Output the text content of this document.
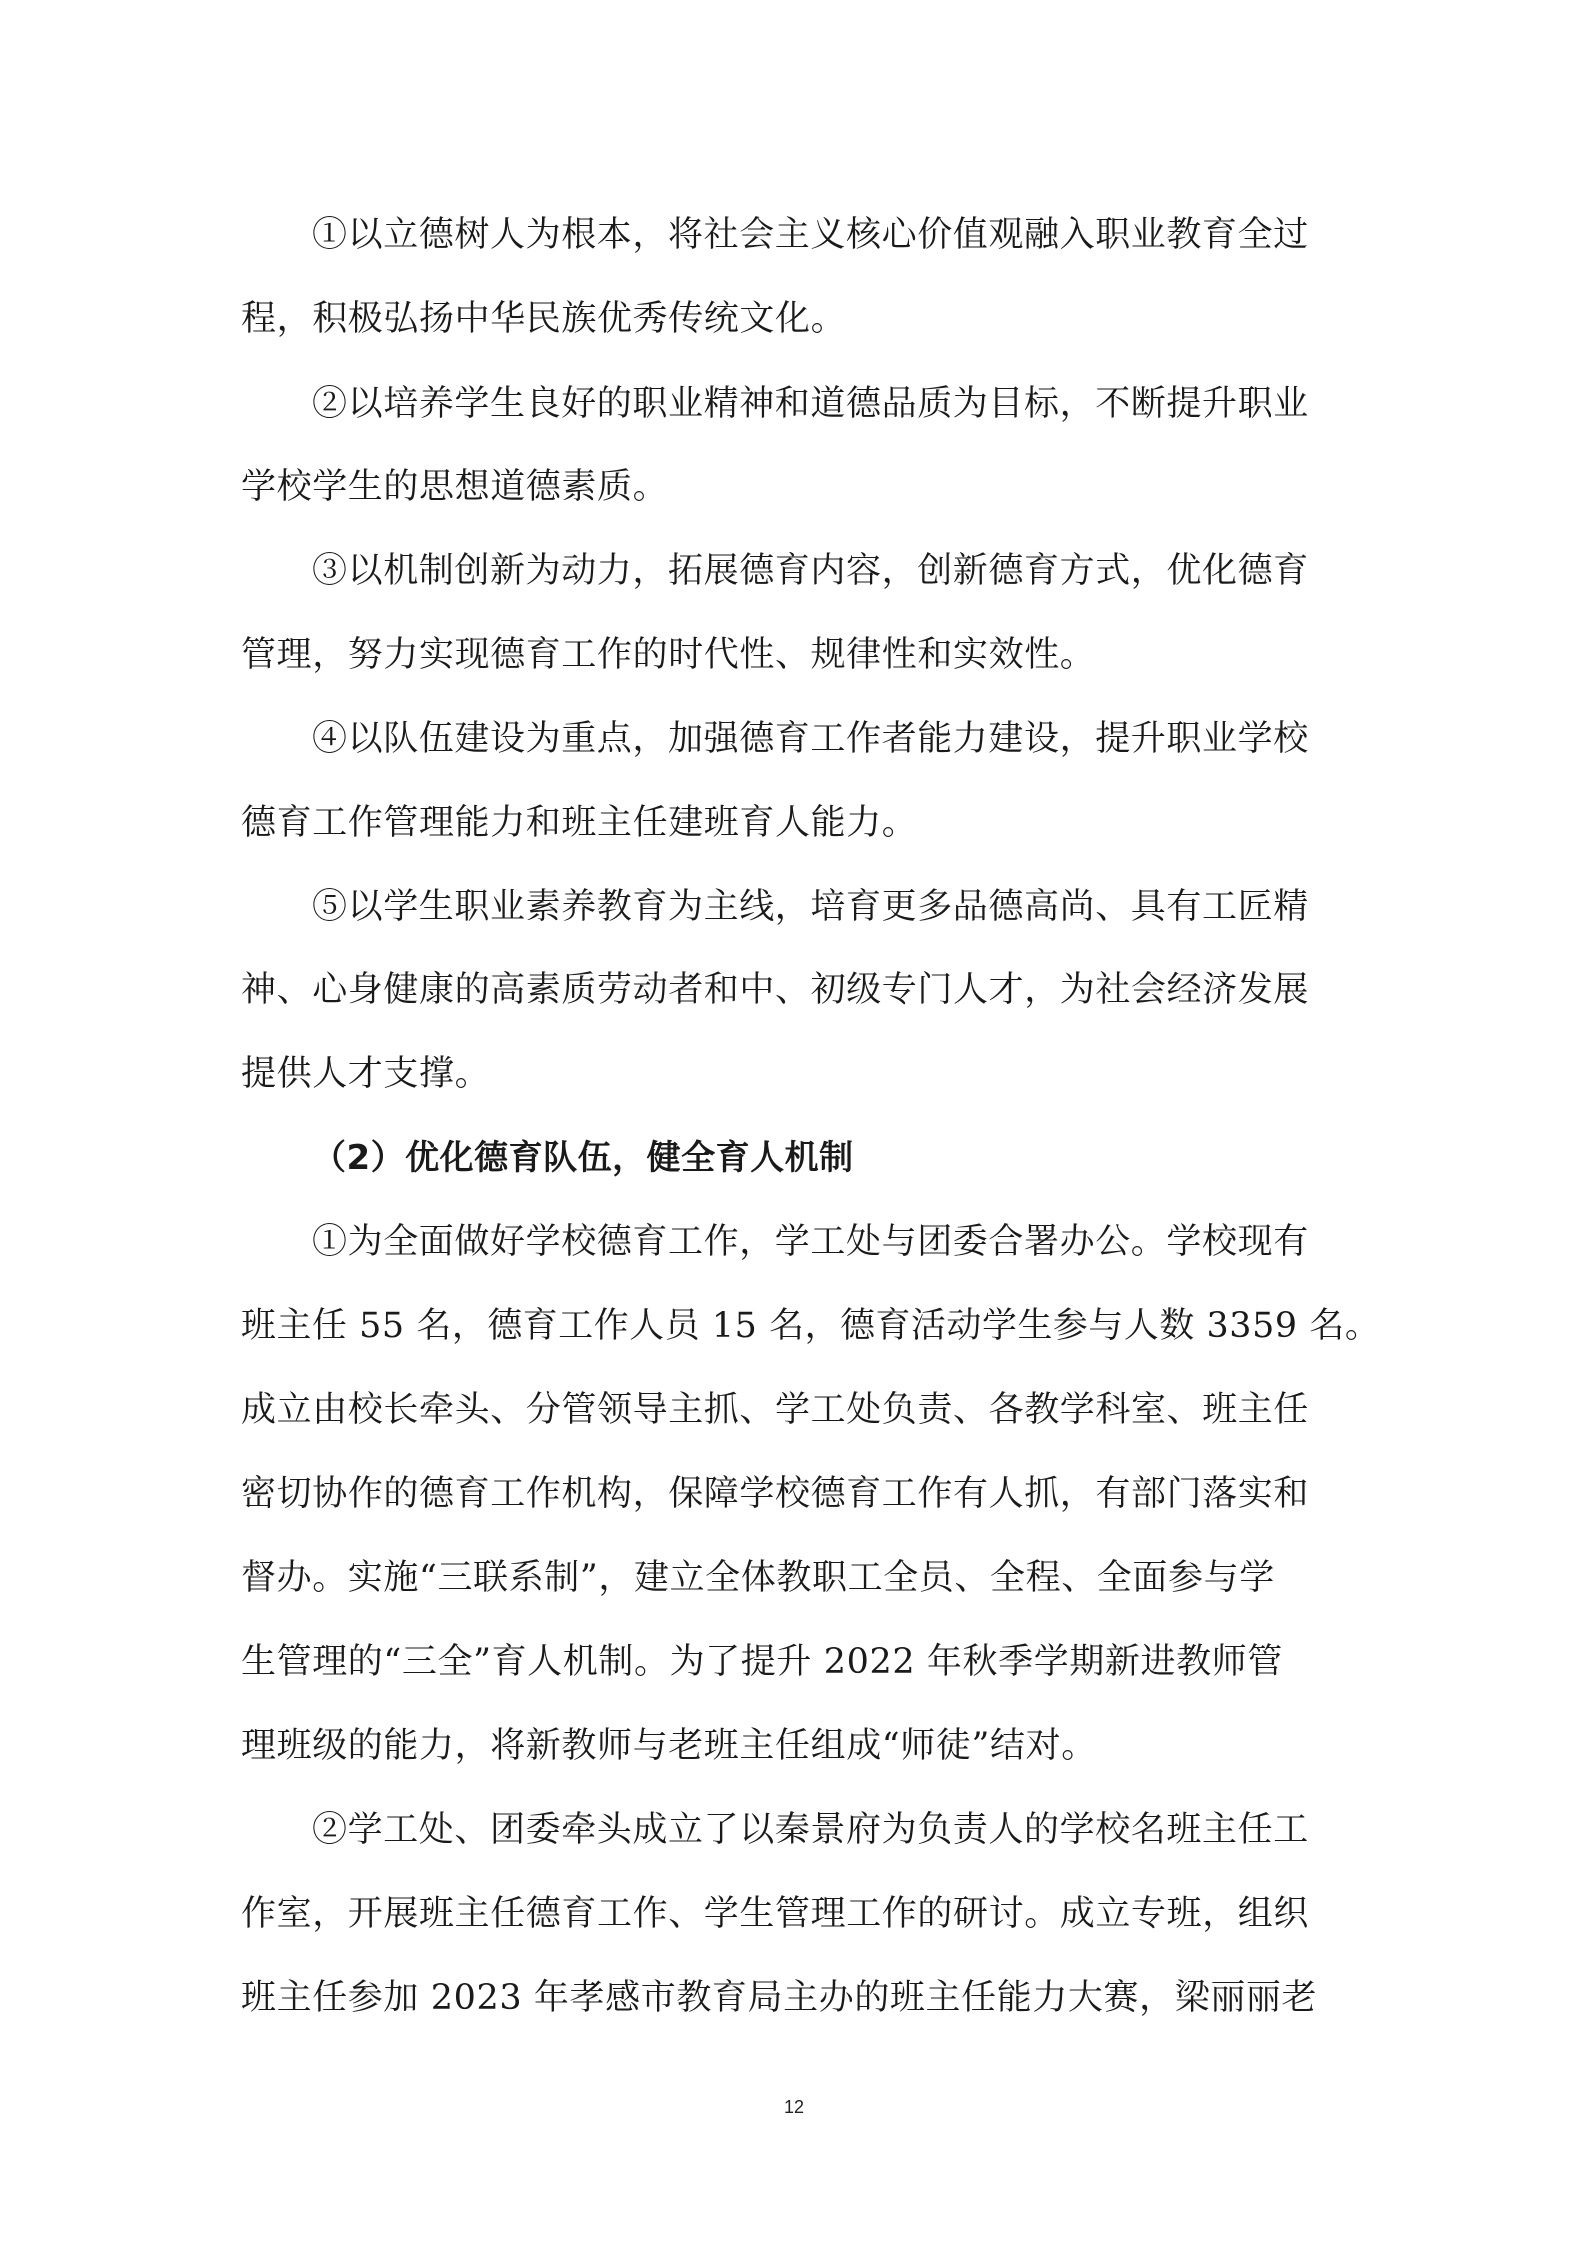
①以立德树人为根本，将社会主义核心价值观融入职业教育全过
程，积极弘扬中华民族优秀传统文化。
②以培养学生良好的职业精神和道德品质为目标，不断提升职业
学校学生的思想道德素质。
③以机制创新为动力，拓展德育内容，创新德育方式，优化德育
管理，努力实现德育工作的时代性、规律性和实效性。
④以队伍建设为重点，加强德育工作者能力建设，提升职业学校
德育工作管理能力和班主任建班育人能力。
⑤以学生职业素养教育为主线，培育更多品德高尚、具有工匠精
神、心身健康的高素质劳动者和中、初级专门人才，为社会经济发展
提供人才支撑。
（2）优化德育队伍，健全育人机制
①为全面做好学校德育工作，学工处与团委合署办公。学校现有
班主任 55 名，德育工作人员 15 名，德育活动学生参与人数 3359 名。
成立由校长牵头、分管领导主抓、学工处负责、各教学科室、班主任
密切协作的德育工作机构，保障学校德育工作有人抓，有部门落实和
督办。实施“三联系制”，建立全体教职工全员、全程、全面参与学
生管理的“三全”育人机制。为了提升 2022 年秋季学期新进教师管
理班级的能力，将新教师与老班主任组成“师徒”结对。
②学工处、团委牵头成立了以秦景府为负责人的学校名班主任工
作室，开展班主任德育工作、学生管理工作的研讨。成立专班，组织
班主任参加 2023 年孝感市教育局主办的班主任能力大赛，梁丽丽老
12
